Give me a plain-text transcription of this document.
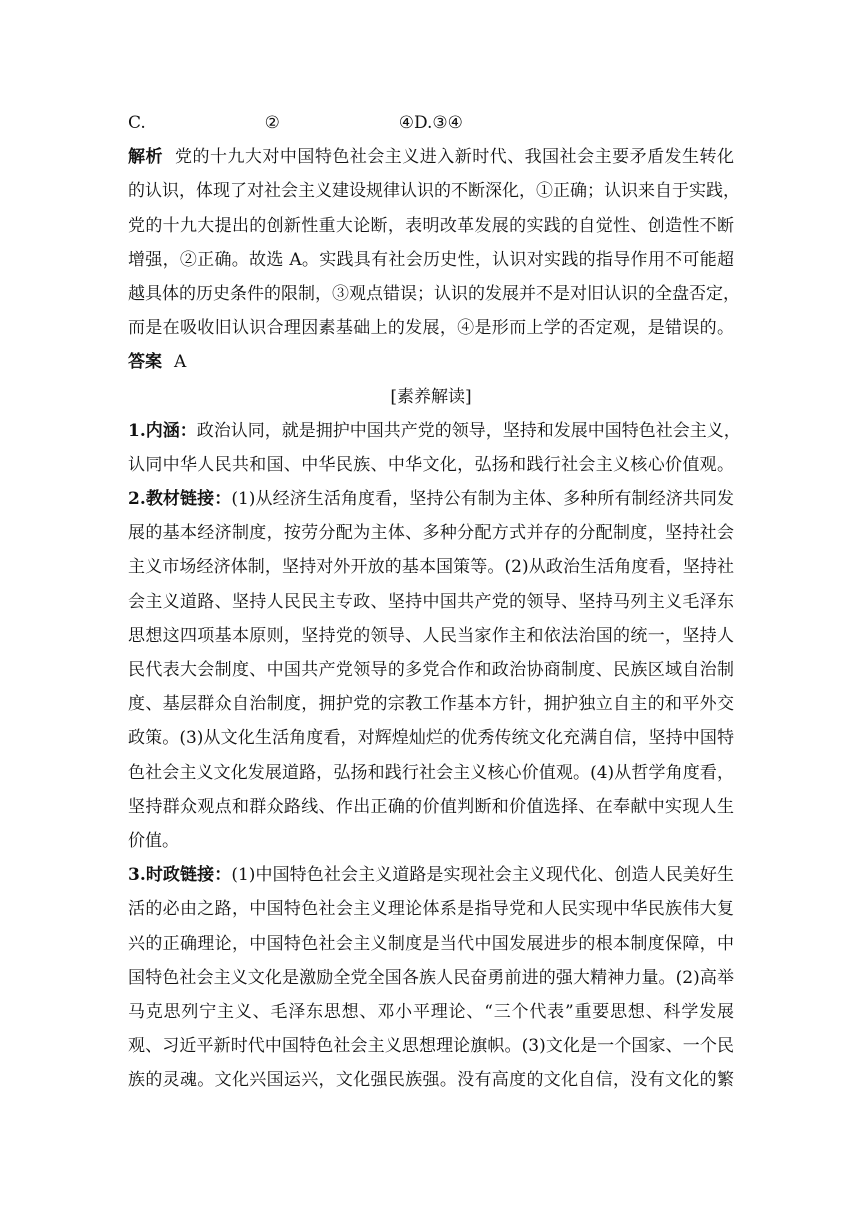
C.②④ D.③④
解析 党的十九大对中国特色社会主义进入新时代、我国社会主要矛盾发生转化
的认识，体现了对社会主义建设规律认识的不断深化，①正确；认识来自于实践，
党的十九大提出的创新性重大论断，表明改革发展的实践的自觉性、创造性不断
增强，②正确。故选 A。实践具有社会历史性，认识对实践的指导作用不可能超
越具体的历史条件的限制，③观点错误；认识的发展并不是对旧认识的全盘否定，
而是在吸收旧认识合理因素基础上的发展，④是形而上学的否定观，是错误的。
答案 A
[素养解读]
1.内涵：政治认同，就是拥护中国共产党的领导，坚持和发展中国特色社会主义，
认同中华人民共和国、中华民族、中华文化，弘扬和践行社会主义核心价值观。
2.教材链接：(1)从经济生活角度看，坚持公有制为主体、多种所有制经济共同发
展的基本经济制度，按劳分配为主体、多种分配方式并存的分配制度，坚持社会
主义市场经济体制，坚持对外开放的基本国策等。(2)从政治生活角度看，坚持社
会主义道路、坚持人民民主专政、坚持中国共产党的领导、坚持马列主义毛泽东
思想这四项基本原则，坚持党的领导、人民当家作主和依法治国的统一，坚持人
民代表大会制度、中国共产党领导的多党合作和政治协商制度、民族区域自治制
度、基层群众自治制度，拥护党的宗教工作基本方针，拥护独立自主的和平外交
政策。(3)从文化生活角度看，对辉煌灿烂的优秀传统文化充满自信，坚持中国特
色社会主义文化发展道路，弘扬和践行社会主义核心价值观。(4)从哲学角度看，
坚持群众观点和群众路线、作出正确的价值判断和价值选择、在奉献中实现人生
价值。
3.时政链接：(1)中国特色社会主义道路是实现社会主义现代化、创造人民美好生
活的必由之路，中国特色社会主义理论体系是指导党和人民实现中华民族伟大复
兴的正确理论，中国特色社会主义制度是当代中国发展进步的根本制度保障，中
国特色社会主义文化是激励全党全国各族人民奋勇前进的强大精神力量。(2)高举
马克思列宁主义、毛泽东思想、邓小平理论、“三个代表”重要思想、科学发展
观、习近平新时代中国特色社会主义思想理论旗帜。(3)文化是一个国家、一个民
族的灵魂。文化兴国运兴，文化强民族强。没有高度的文化自信，没有文化的繁
